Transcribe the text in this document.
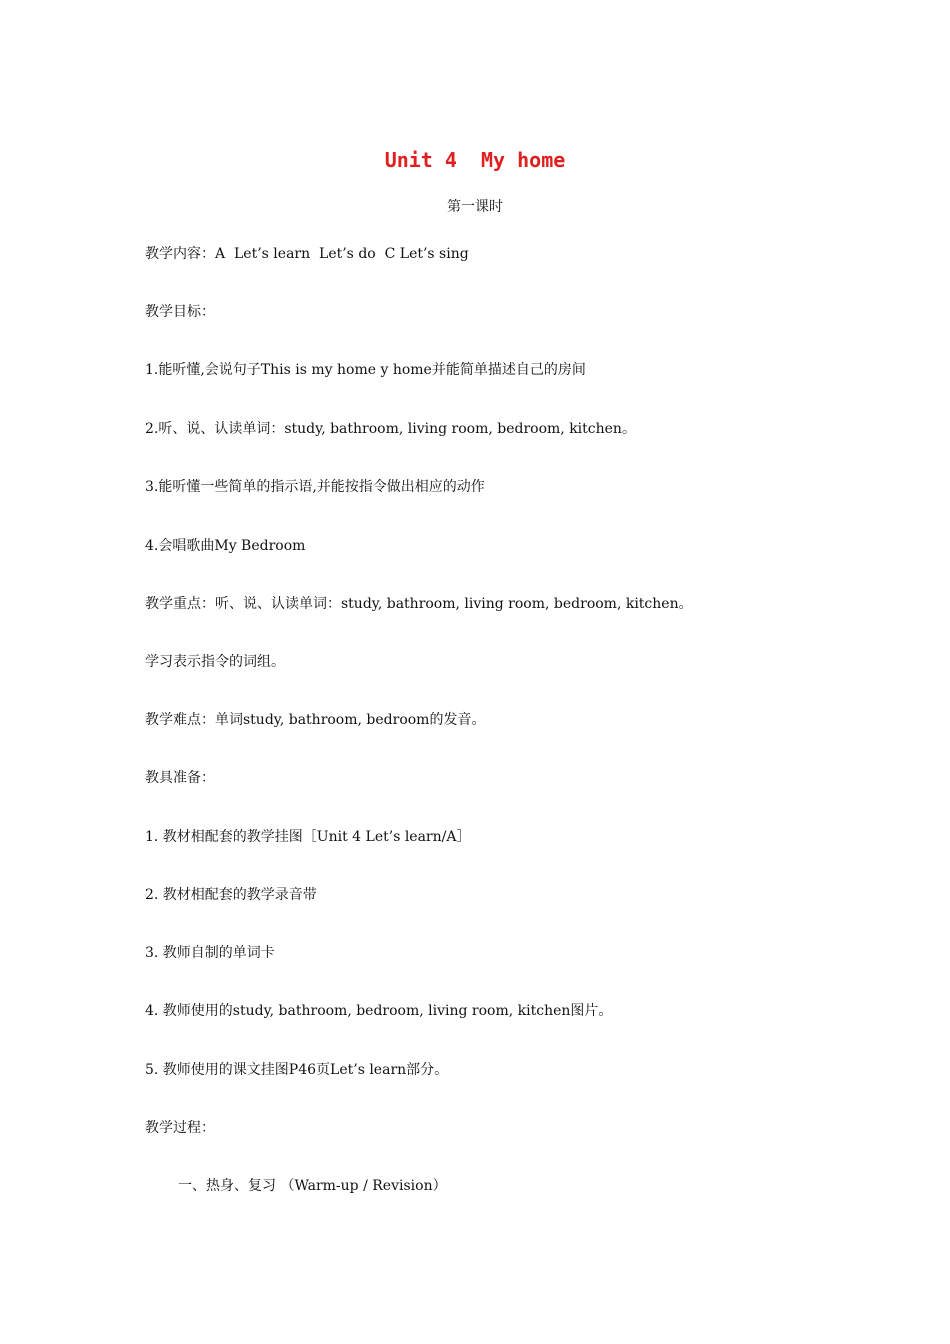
Unit 4  My home
第一课时
教学内容：A  Let’s learn  Let’s do  C Let’s sing
教学目标：
1.能听懂,会说句子This is my home y home并能简单描述自己的房间
2.听、说、认读单词：study, bathroom, living room, bedroom, kitchen。
3.能听懂一些简单的指示语,并能按指令做出相应的动作
4.会唱歌曲My Bedroom
教学重点：听、说、认读单词：study, bathroom, living room, bedroom, kitchen。
学习表示指令的词组。
教学难点：单词study, bathroom, bedroom的发音。
教具准备：
1. 教材相配套的教学挂图［Unit 4 Let’s learn/A］
2. 教材相配套的教学录音带
3. 教师自制的单词卡
4. 教师使用的study, bathroom, bedroom, living room, kitchen图片。
5. 教师使用的课文挂图P46页Let’s learn部分。
教学过程：
一、热身、复习 （Warm-up / Revision）
